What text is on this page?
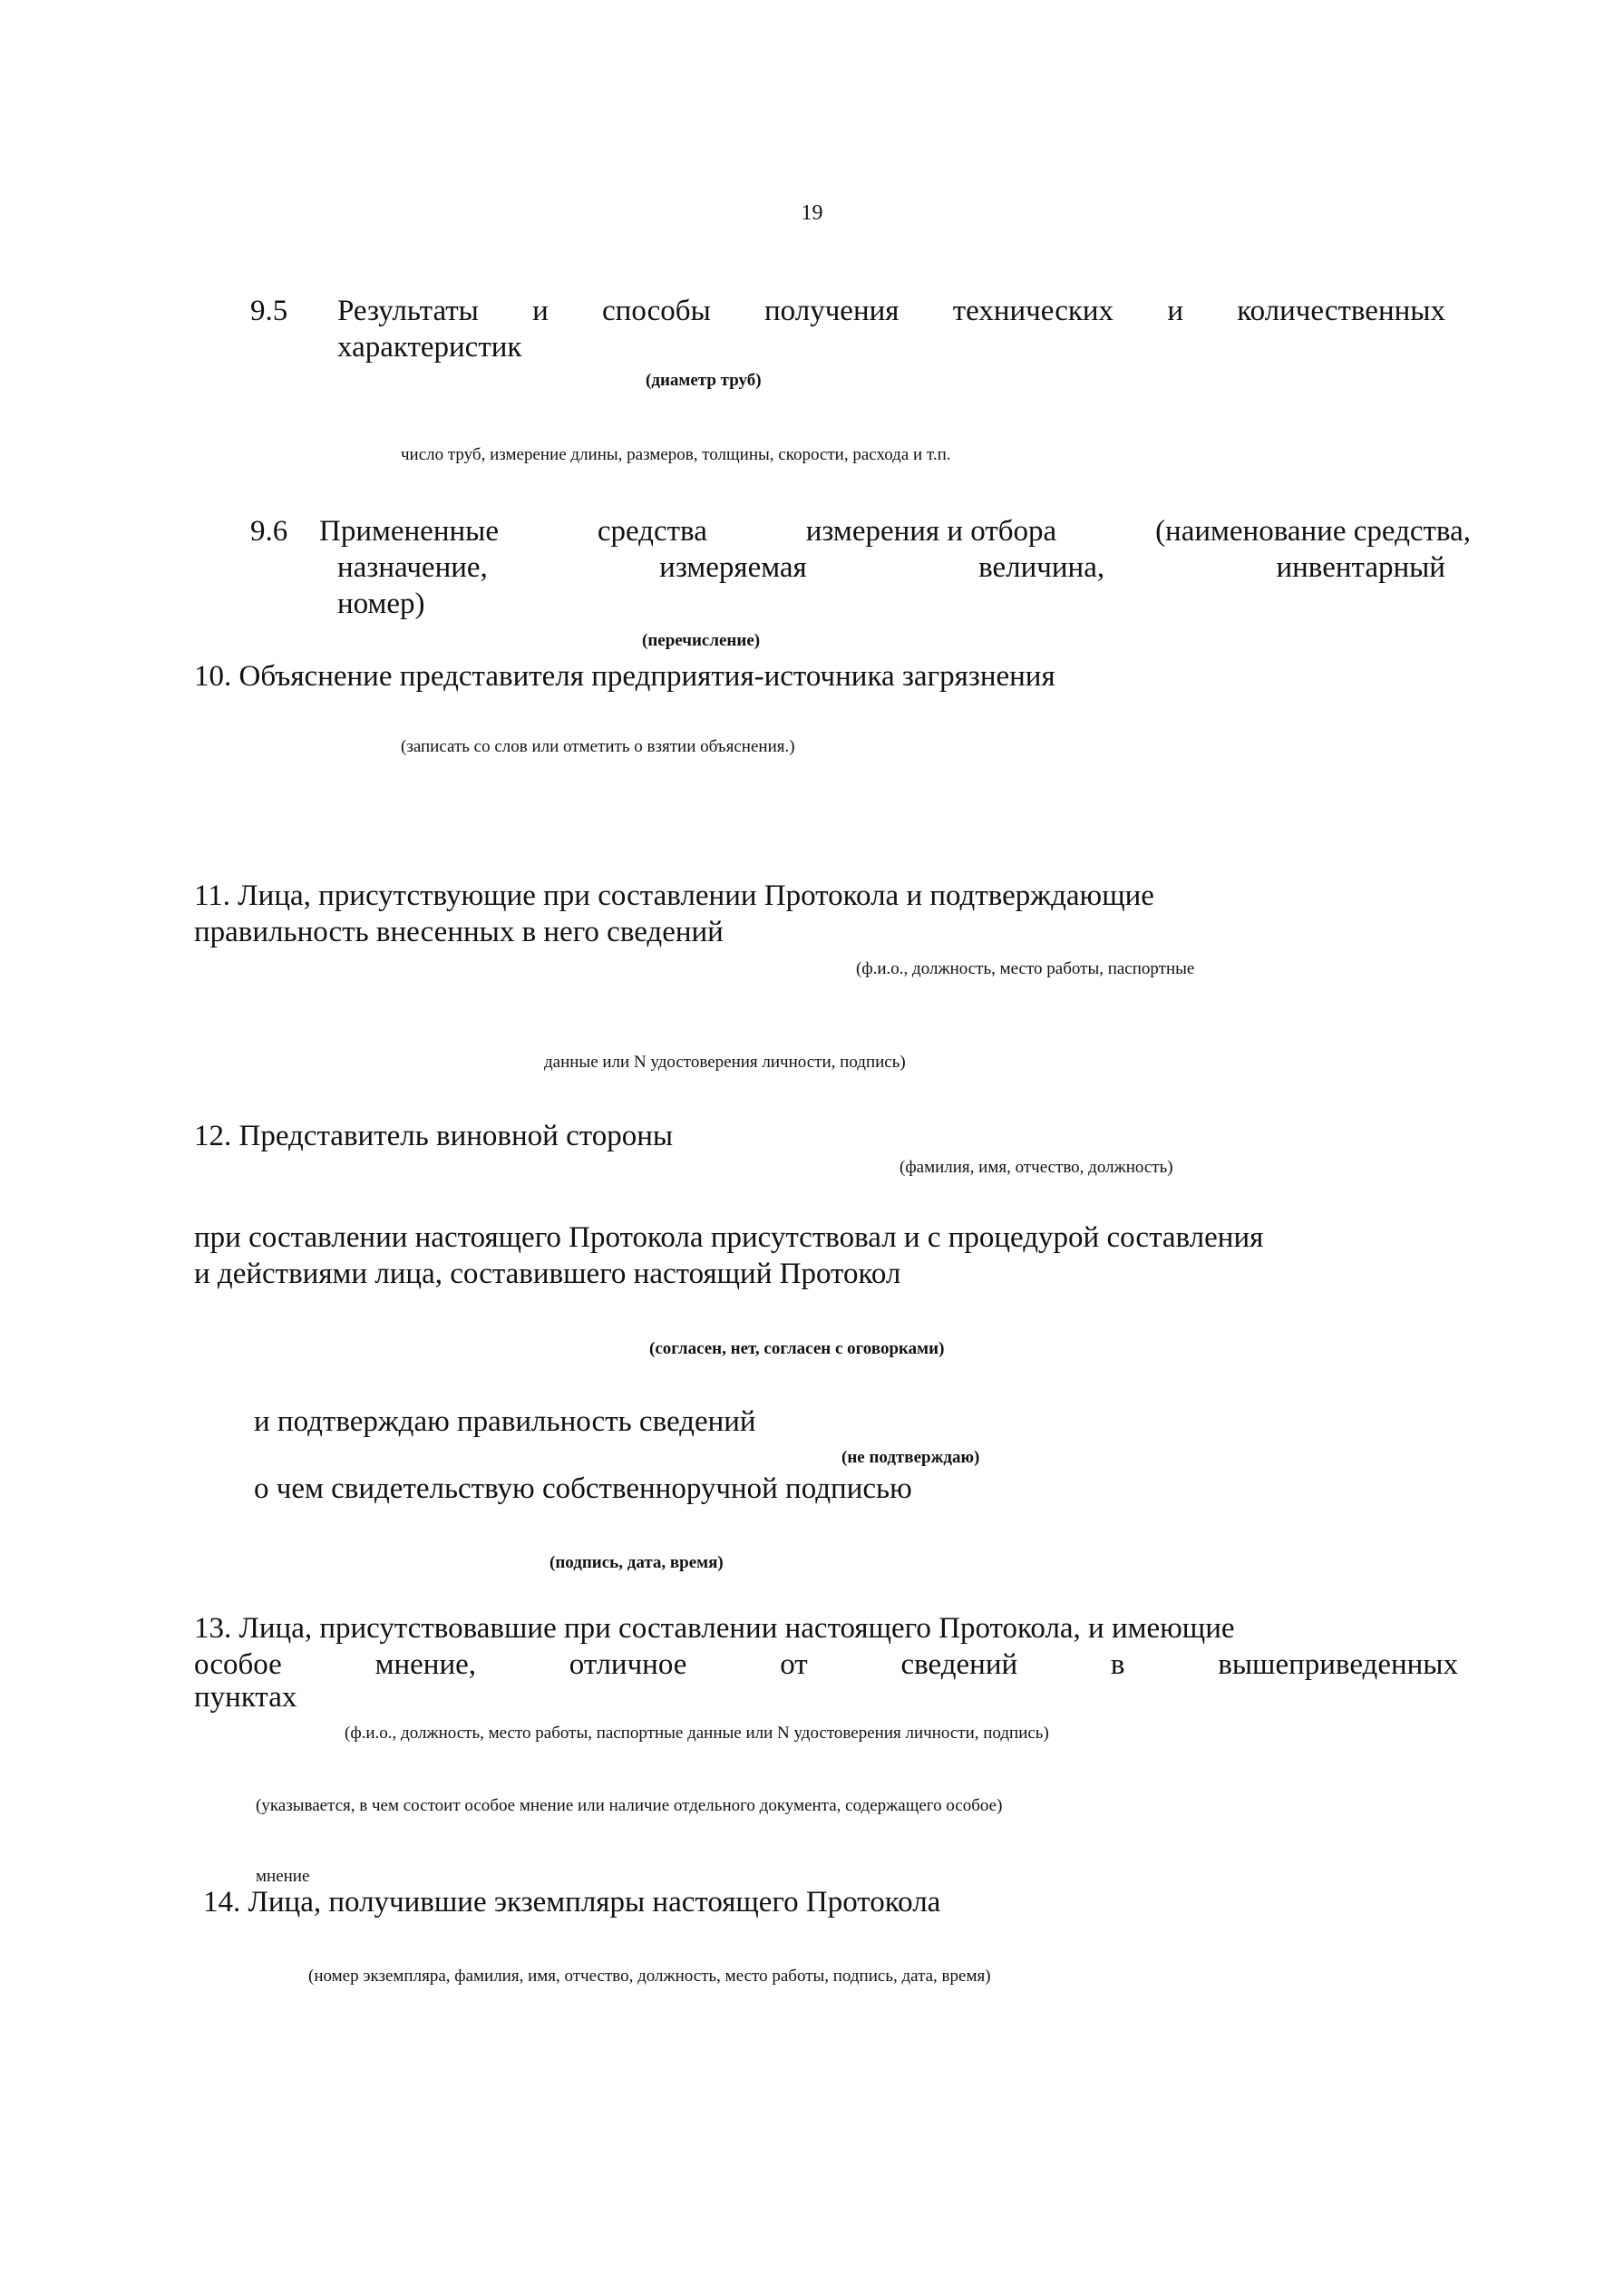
19
9.5 Результаты и способы получения технических и количественных
характеристик
(диаметр труб)
число труб, измерение длины, размеров, толщины, скорости, расхода и т.п.
9.6 Примененные	средства	измерения и отбора	(наименование средства,
назначение,	измеряемая	величина,	инвентарный
номер)
(перечисление)
10. Объяснение представителя предприятия-источника загрязнения
(записать со слов или отметить о взятии объяснения.)
11. Лица, присутствующие при составлении Протокола и подтверждающие
правильность внесенных в него сведений
(ф.и.о., должность, место работы, паспортные
данные или N удостоверения личности, подпись)
12. Представитель виновной стороны
(фамилия, имя, отчество, должность)
при составлении настоящего Протокола присутствовал и с процедурой составления
и действиями лица, составившего настоящий Протокол
(согласен, нет, согласен с оговорками)
и подтверждаю правильность сведений
(не подтверждаю)
о чем свидетельствую собственноручной подписью
(подпись, дата, время)
13. Лица, присутствовавшие при составлении настоящего Протокола, и имеющие
особое	мнение,	отличное	от	сведений	в	вышеприведенных
пунктах
(ф.и.о., должность, место работы, паспортные данные или N удостоверения личности, подпись)
(указывается, в чем состоит особое мнение или наличие отдельного документа, содержащего особое)
мнение
14. Лица, получившие экземпляры настоящего Протокола
(номер экземпляра, фамилия, имя, отчество, должность, место работы, подпись, дата, время)
